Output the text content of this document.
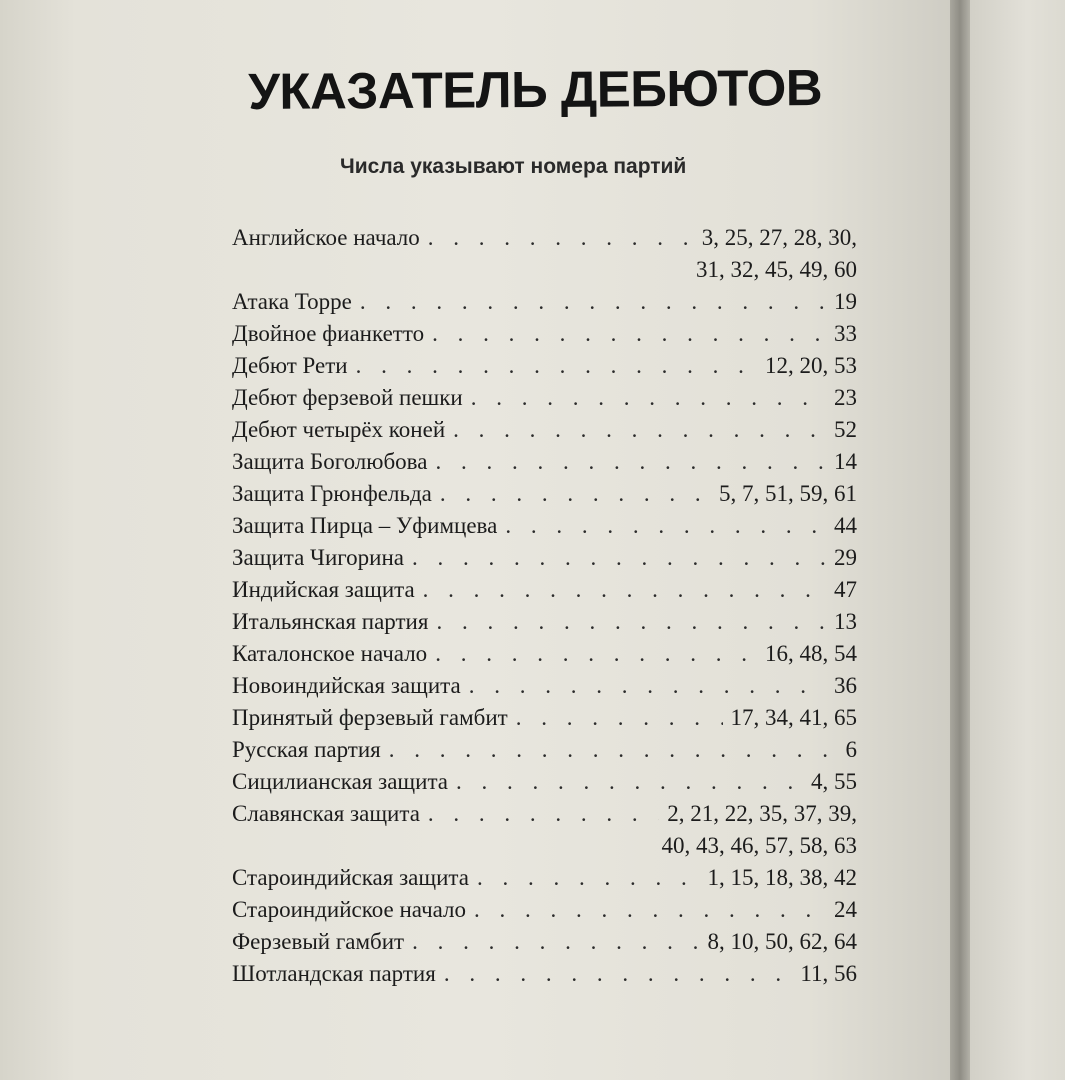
УКАЗАТЕЛЬ ДЕБЮТОВ
Числа указывают номера партий
Английское начало . . .	3, 25, 27, 28, 30,
31, 32, 45, 49, 60
Атака Торре . . .	19
Двойное фианкетто . . .	33
Дебют Рети . . .	12, 20, 53
Дебют ферзевой пешки . . .	23
Дебют четырёх коней . . .	52
Защита Боголюбова . . .	14
Защита Грюнфельда . . .	5, 7, 51, 59, 61
Защита Пирца – Уфимцева . . .	44
Защита Чигорина . . .	29
Индийская защита . . .	47
Итальянская партия . . .	13
Каталонское начало . . .	16, 48, 54
Новоиндийская защита . . .	36
Принятый ферзевый гамбит . . .	17, 34, 41, 65
Русская партия . . .	6
Сицилианская защита . . .	4, 55
Славянская защита . . .	2, 21, 22, 35, 37, 39,
40, 43, 46, 57, 58, 63
Староиндийская защита . . .	1, 15, 18, 38, 42
Староиндийское начало . . .	24
Ферзевый гамбит . . .	8, 10, 50, 62, 64
Шотландская партия . . .	11, 56
